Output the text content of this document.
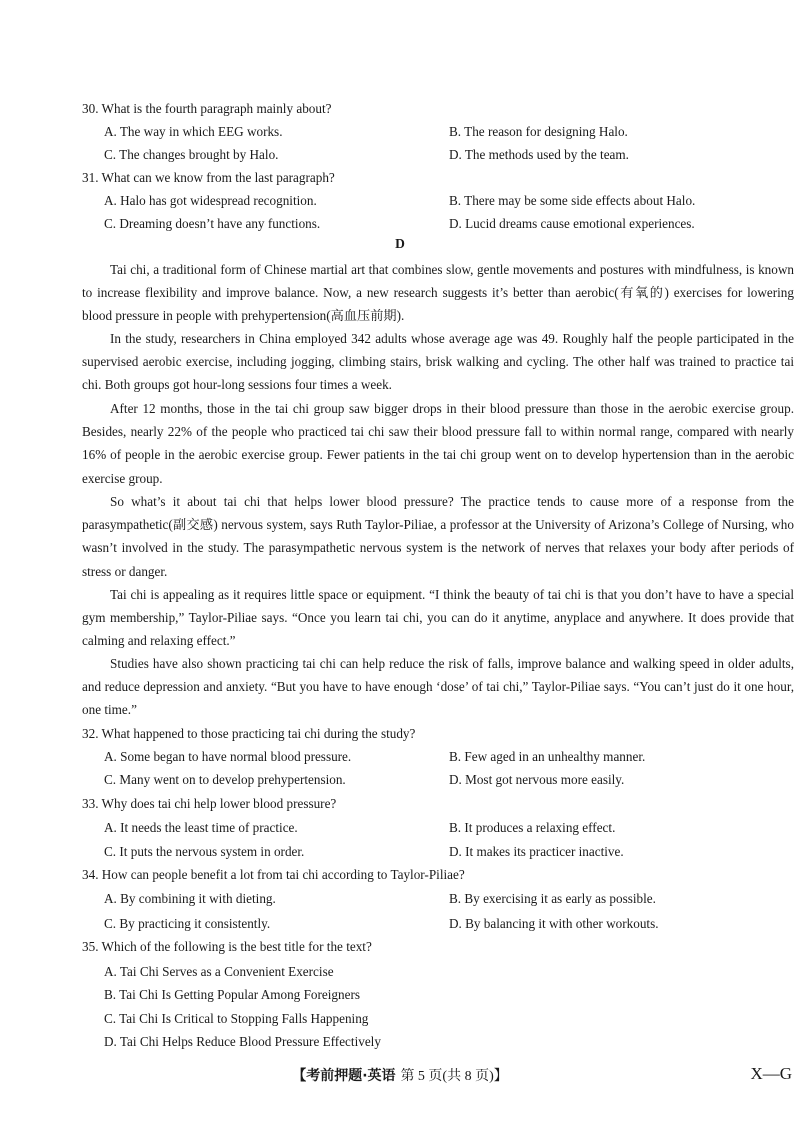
30. What is the fourth paragraph mainly about?
A. The way in which EEG works.	B. The reason for designing Halo.
C. The changes brought by Halo.	D. The methods used by the team.
31. What can we know from the last paragraph?
A. Halo has got widespread recognition.	B. There may be some side effects about Halo.
C. Dreaming doesn’t have any functions.	D. Lucid dreams cause emotional experiences.
D

Tai chi, a traditional form of Chinese martial art that combines slow, gentle movements and postures with mindfulness, is known to increase flexibility and improve balance. Now, a new research suggests it’s better than aerobic(有氧的) exercises for lowering blood pressure in people with prehypertension(高血压前期).

In the study, researchers in China employed 342 adults whose average age was 49. Roughly half the people participated in the supervised aerobic exercise, including jogging, climbing stairs, brisk walking and cycling. The other half was trained to practice tai chi. Both groups got hour-long sessions four times a week.

After 12 months, those in the tai chi group saw bigger drops in their blood pressure than those in the aerobic exercise group. Besides, nearly 22% of the people who practiced tai chi saw their blood pressure fall to within normal range, compared with nearly 16% of people in the aerobic exercise group. Fewer patients in the tai chi group went on to develop hypertension than in the aerobic exercise group.

So what’s it about tai chi that helps lower blood pressure? The practice tends to cause more of a response from the parasympathetic(副交感) nervous system, says Ruth Taylor-Piliae, a professor at the University of Arizona’s College of Nursing, who wasn’t involved in the study. The parasympathetic nervous system is the network of nerves that relaxes your body after periods of stress or danger.

Tai chi is appealing as it requires little space or equipment. “I think the beauty of tai chi is that you don’t have to have a special gym membership,” Taylor-Piliae says. “Once you learn tai chi, you can do it anytime, anyplace and anywhere. It does provide that calming and relaxing effect.”

Studies have also shown practicing tai chi can help reduce the risk of falls, improve balance and walking speed in older adults, and reduce depression and anxiety. “But you have to have enough ‘dose’ of tai chi,” Taylor-Piliae says. “You can’t just do it one hour, one time.”

32. What happened to those practicing tai chi during the study?
A. Some began to have normal blood pressure.	B. Few aged in an unhealthy manner.
C. Many went on to develop prehypertension.	D. Most got nervous more easily.
33. Why does tai chi help lower blood pressure?
A. It needs the least time of practice.	B. It produces a relaxing effect.
C. It puts the nervous system in order.	D. It makes its practicer inactive.
34. How can people benefit a lot from tai chi according to Taylor-Piliae?
A. By combining it with dieting.	B. By exercising it as early as possible.
C. By practicing it consistently.	D. By balancing it with other workouts.
35. Which of the following is the best title for the text?
A. Tai Chi Serves as a Convenient Exercise
B. Tai Chi Is Getting Popular Among Foreigners
C. Tai Chi Is Critical to Stopping Falls Happening
D. Tai Chi Helps Reduce Blood Pressure Effectively
【考前押题·英语 第 5 页(共 8 页)】	X—G
